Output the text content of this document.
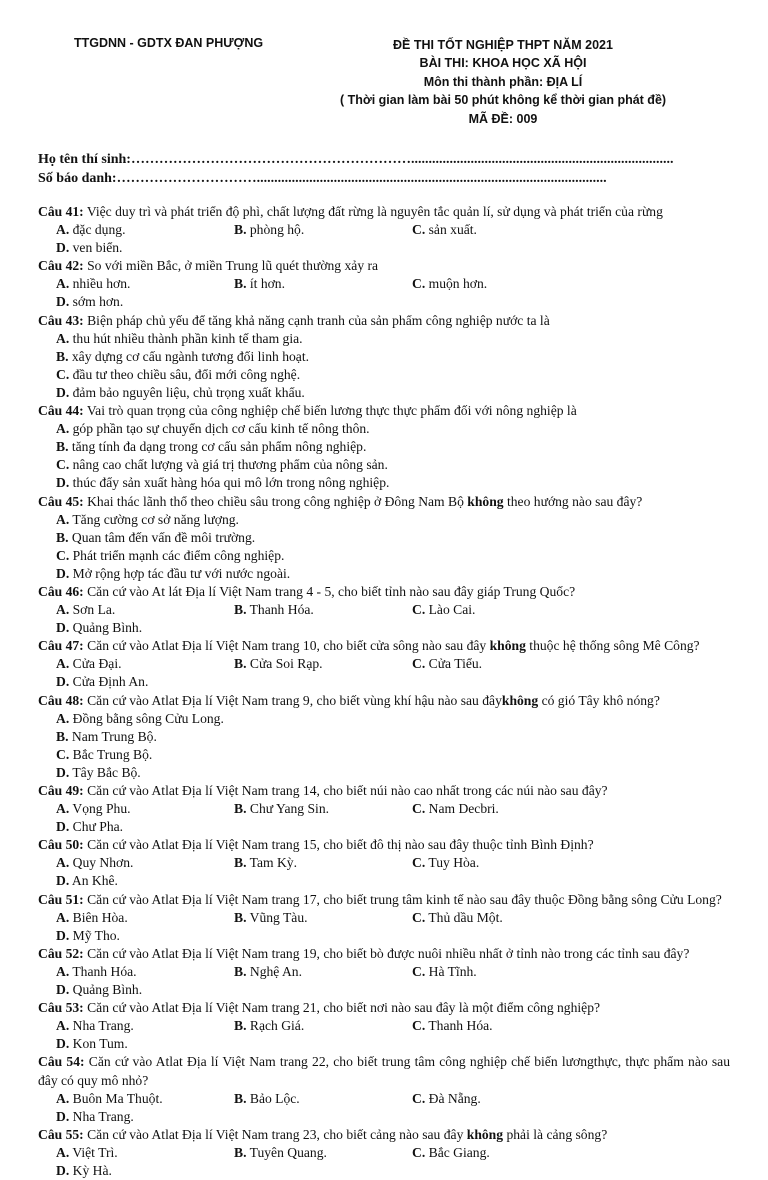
TTGDNN - GDTX ĐAN PHƯỢNG	ĐỀ THI TỐT NGHIỆP THPT NĂM 2021
BÀI THI: KHOA HỌC XÃ HỘI
Môn thi thành phần: ĐỊA LÍ
( Thời gian làm bài 50 phút không kể thời gian phát đề)
MÃ ĐỀ: 009
Họ tên thí sinh:……………………………………………………...........................................................................
Số báo danh:…………………………....................................................................................................
Câu 41: Việc duy trì và phát triển độ phì, chất lượng đất rừng là nguyên tắc quản lí, sử dụng và phát triển của rừng
A. đặc dụng.	B. phòng hộ.	C. sản xuất.
D. ven biển.
Câu 42: So với miền Bắc, ở miền Trung lũ quét thường xảy ra
A. nhiều hơn.	B. ít hơn.	C. muộn hơn.
D. sớm hơn.
Câu 43: Biện pháp chủ yếu để tăng khả năng cạnh tranh của sản phẩm công nghiệp nước ta là
A. thu hút nhiều thành phần kinh tế tham gia.
B. xây dựng cơ cấu ngành tương đối linh hoạt.
C. đầu tư theo chiều sâu, đổi mới công nghệ.
D. đảm bảo nguyên liệu, chủ trọng xuất khẩu.
Câu 44: Vai trò quan trọng của công nghiệp chế biến lương thực thực phẩm đối với nông nghiệp là
A. góp phần tạo sự chuyển dịch cơ cấu kinh tế nông thôn.
B. tăng tính đa dạng trong cơ cấu sản phẩm nông nghiệp.
C. nâng cao chất lượng và giá trị thương phẩm của nông sản.
D. thúc đẩy sản xuất hàng hóa qui mô lớn trong nông nghiệp.
Câu 45: Khai thác lãnh thổ theo chiều sâu trong công nghiệp ở Đông Nam Bộ không theo hướng nào sau đây?
A. Tăng cường cơ sở năng lượng.
B. Quan tâm đến vấn đề môi trường.
C. Phát triển mạnh các điểm công nghiệp.
D. Mở rộng hợp tác đầu tư với nước ngoài.
Câu 46: Căn cứ vào At lát Địa lí Việt Nam trang 4 - 5, cho biết tỉnh nào sau đây giáp Trung Quốc?
A. Sơn La.	B. Thanh Hóa.	C. Lào Cai.
D. Quảng Bình.
Câu 47: Căn cứ vào Atlat Địa lí Việt Nam trang 10, cho biết cửa sông nào sau đây không thuộc hệ thống sông Mê Công?
A. Cửa Đại.	B. Cửa Soi Rạp.	C. Cửa Tiểu.
D. Cửa Định An.
Câu 48: Căn cứ vào Atlat Địa lí Việt Nam trang 9, cho biết vùng khí hậu nào sau đâykhông có gió Tây khô nóng?
A. Đồng bằng sông Cửu Long.
B. Nam Trung Bộ.
C. Bắc Trung Bộ.
D. Tây Bắc Bộ.
Câu 49: Căn cứ vào Atlat Địa lí Việt Nam trang 14, cho biết núi nào cao nhất trong các núi nào sau đây?
A. Vọng Phu.	B. Chư Yang Sin.	C. Nam Decbri.
D. Chư Pha.
Câu 50: Căn cứ vào Atlat Địa lí Việt Nam trang 15, cho biết đô thị nào sau đây thuộc tỉnh Bình Định?
A. Quy Nhơn.	B. Tam Kỳ.	C. Tuy Hòa.
D. An Khê.
Câu 51: Căn cứ vào Atlat Địa lí Việt Nam trang 17, cho biết trung tâm kinh tế nào sau đây thuộc Đồng bằng sông Cửu Long?
A. Biên Hòa.	B. Vũng Tàu.	C. Thủ dầu Một.
D. Mỹ Tho.
Câu 52: Căn cứ vào Atlat Địa lí Việt Nam trang 19, cho biết bò được nuôi nhiều nhất ở tỉnh nào trong các tỉnh sau đây?
A. Thanh Hóa.	B. Nghệ An.	C. Hà Tĩnh.
D. Quảng Bình.
Câu 53: Căn cứ vào Atlat Địa lí Việt Nam trang 21, cho biết nơi nào sau đây là một điểm công nghiệp?
A. Nha Trang.	B. Rạch Giá.	C. Thanh Hóa.
D. Kon Tum.
Câu 54: Căn cứ vào Atlat Địa lí Việt Nam trang 22, cho biết trung tâm công nghiệp chế biến lươngthực, thực phẩm nào sau đây có quy mô nhỏ?
A. Buôn Ma Thuột.	B. Bảo Lộc.	C. Đà Nẵng.
D. Nha Trang.
Câu 55: Căn cứ vào Atlat Địa lí Việt Nam trang 23, cho biết cảng nào sau đây không phải là cảng sông?
A. Việt Trì.	B. Tuyên Quang.	C. Bắc Giang.
D. Kỳ Hà.
